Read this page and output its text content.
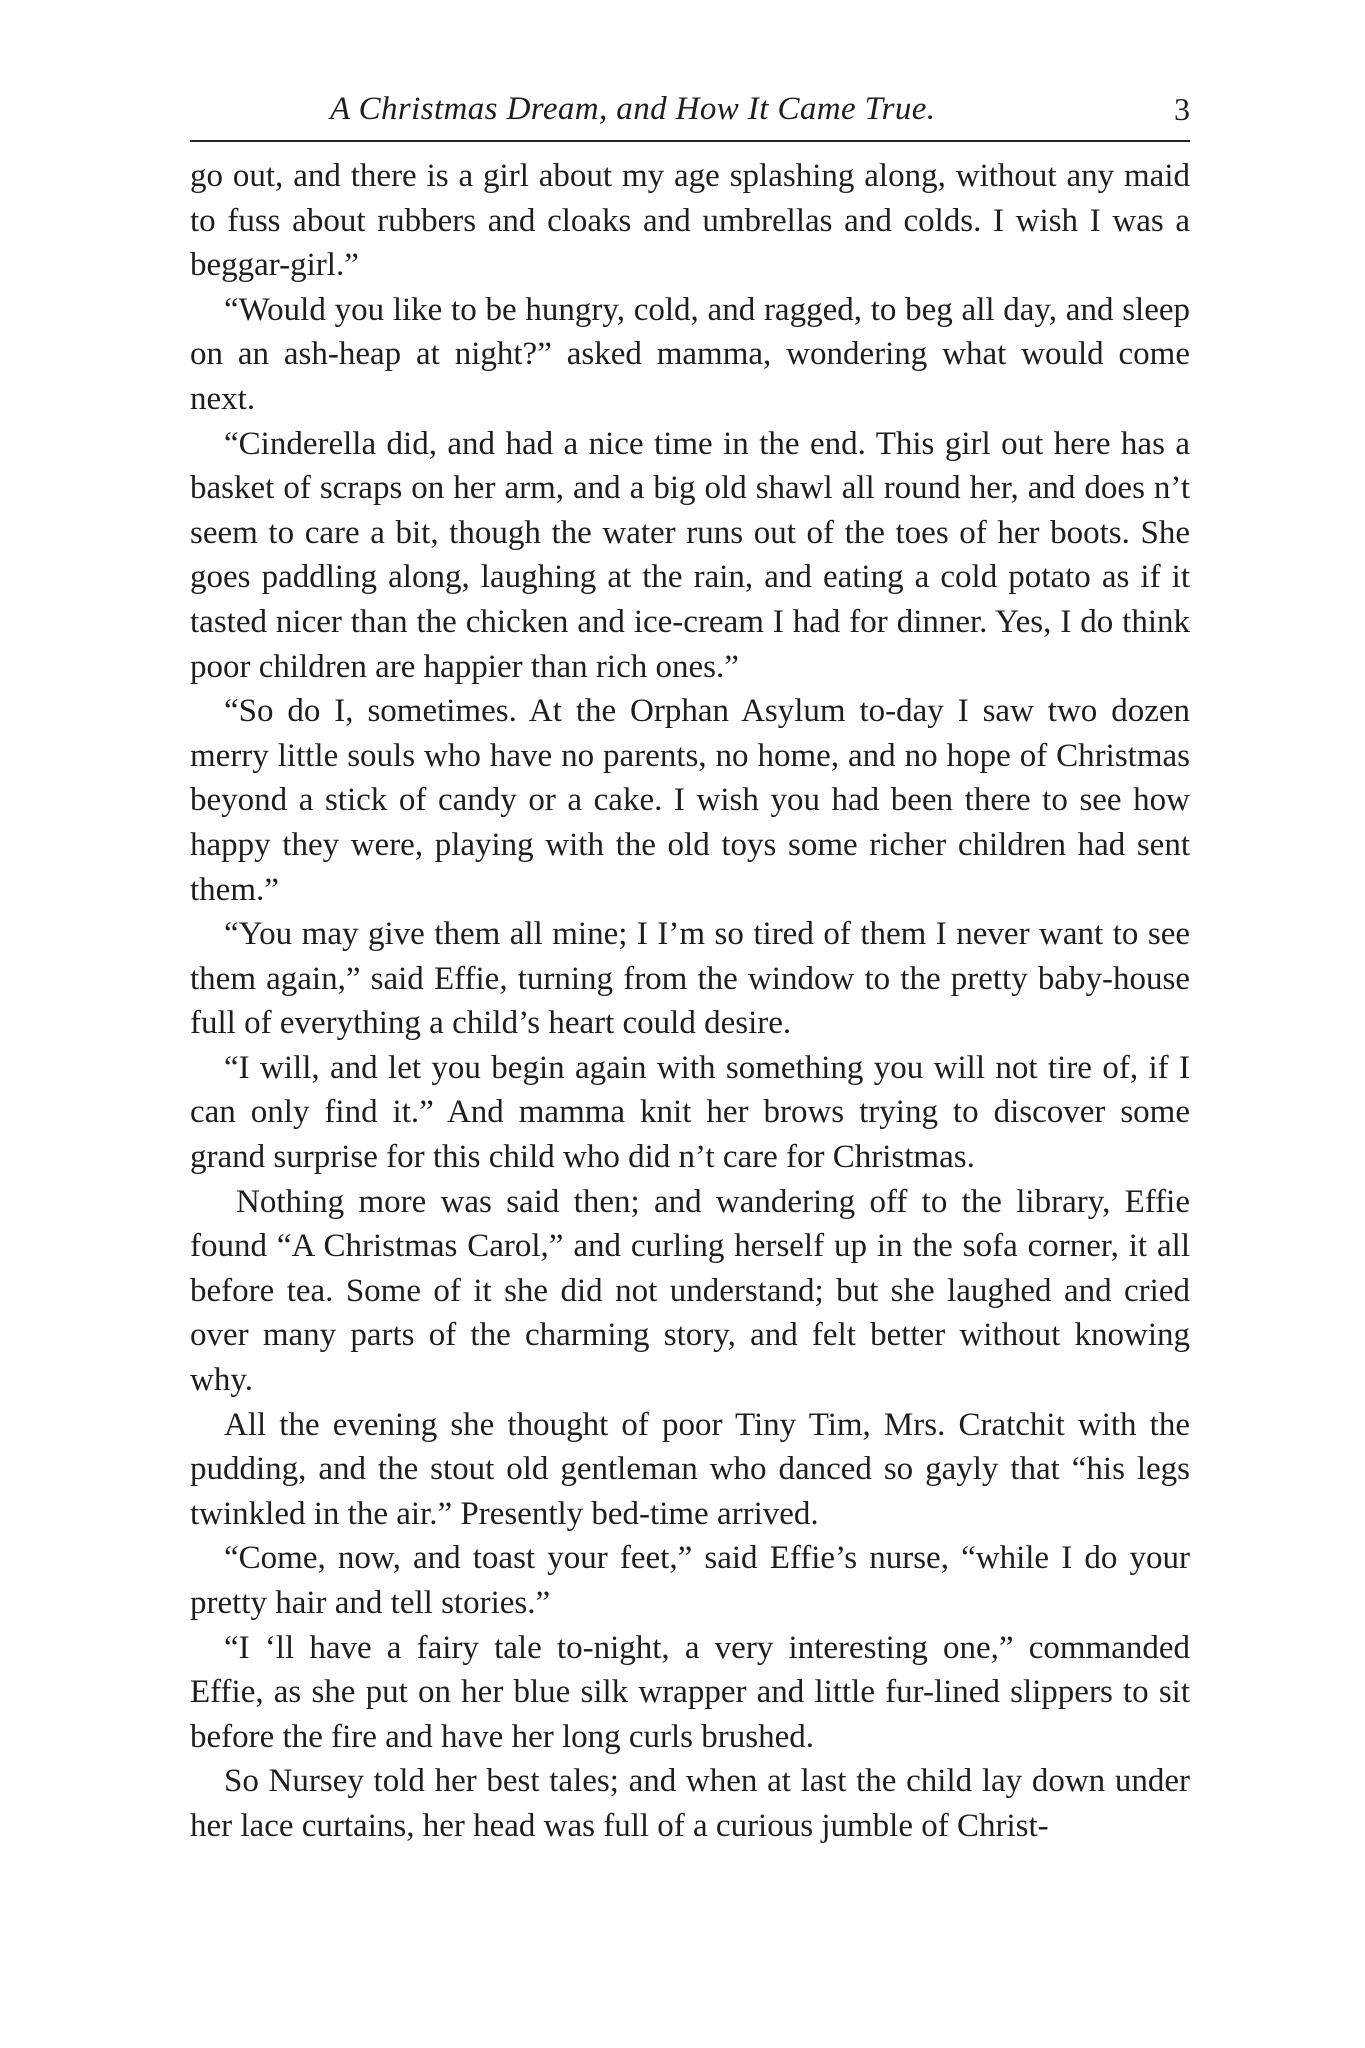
A Christmas Dream, and How It Came True.	3

go out, and there is a girl about my age splashing along, without any maid to fuss about rubbers and cloaks and umbrellas and colds. I wish I was a beggar-girl.”

“Would you like to be hungry, cold, and ragged, to beg all day, and sleep on an ash-heap at night?” asked mamma, wondering what would come next.

“Cinderella did, and had a nice time in the end. This girl out here has a basket of scraps on her arm, and a big old shawl all round her, and does n’t seem to care a bit, though the water runs out of the toes of her boots. She goes paddling along, laughing at the rain, and eating a cold potato as if it tasted nicer than the chicken and ice-cream I had for dinner. Yes, I do think poor children are happier than rich ones.”

“So do I, sometimes. At the Orphan Asylum to-day I saw two dozen merry little souls who have no parents, no home, and no hope of Christmas beyond a stick of candy or a cake. I wish you had been there to see how happy they were, playing with the old toys some richer children had sent them.”

“You may give them all mine; I I’m so tired of them I never want to see them again,” said Effie, turning from the window to the pretty baby-house full of everything a child’s heart could desire.

“I will, and let you begin again with something you will not tire of, if I can only find it.” And mamma knit her brows trying to discover some grand surprise for this child who did n’t care for Christmas.

Nothing more was said then; and wandering off to the library, Effie found “A Christmas Carol,” and curling herself up in the sofa corner, it all before tea. Some of it she did not understand; but she laughed and cried over many parts of the charming story, and felt better without knowing why.

All the evening she thought of poor Tiny Tim, Mrs. Cratchit with the pudding, and the stout old gentleman who danced so gayly that “his legs twinkled in the air.” Presently bed-time arrived.

“Come, now, and toast your feet,” said Effie’s nurse, “while I do your pretty hair and tell stories.”

“I ‘ll have a fairy tale to-night, a very interesting one,” commanded Effie, as she put on her blue silk wrapper and little fur-lined slippers to sit before the fire and have her long curls brushed.

So Nursey told her best tales; and when at last the child lay down under her lace curtains, her head was full of a curious jumble of Christ-
